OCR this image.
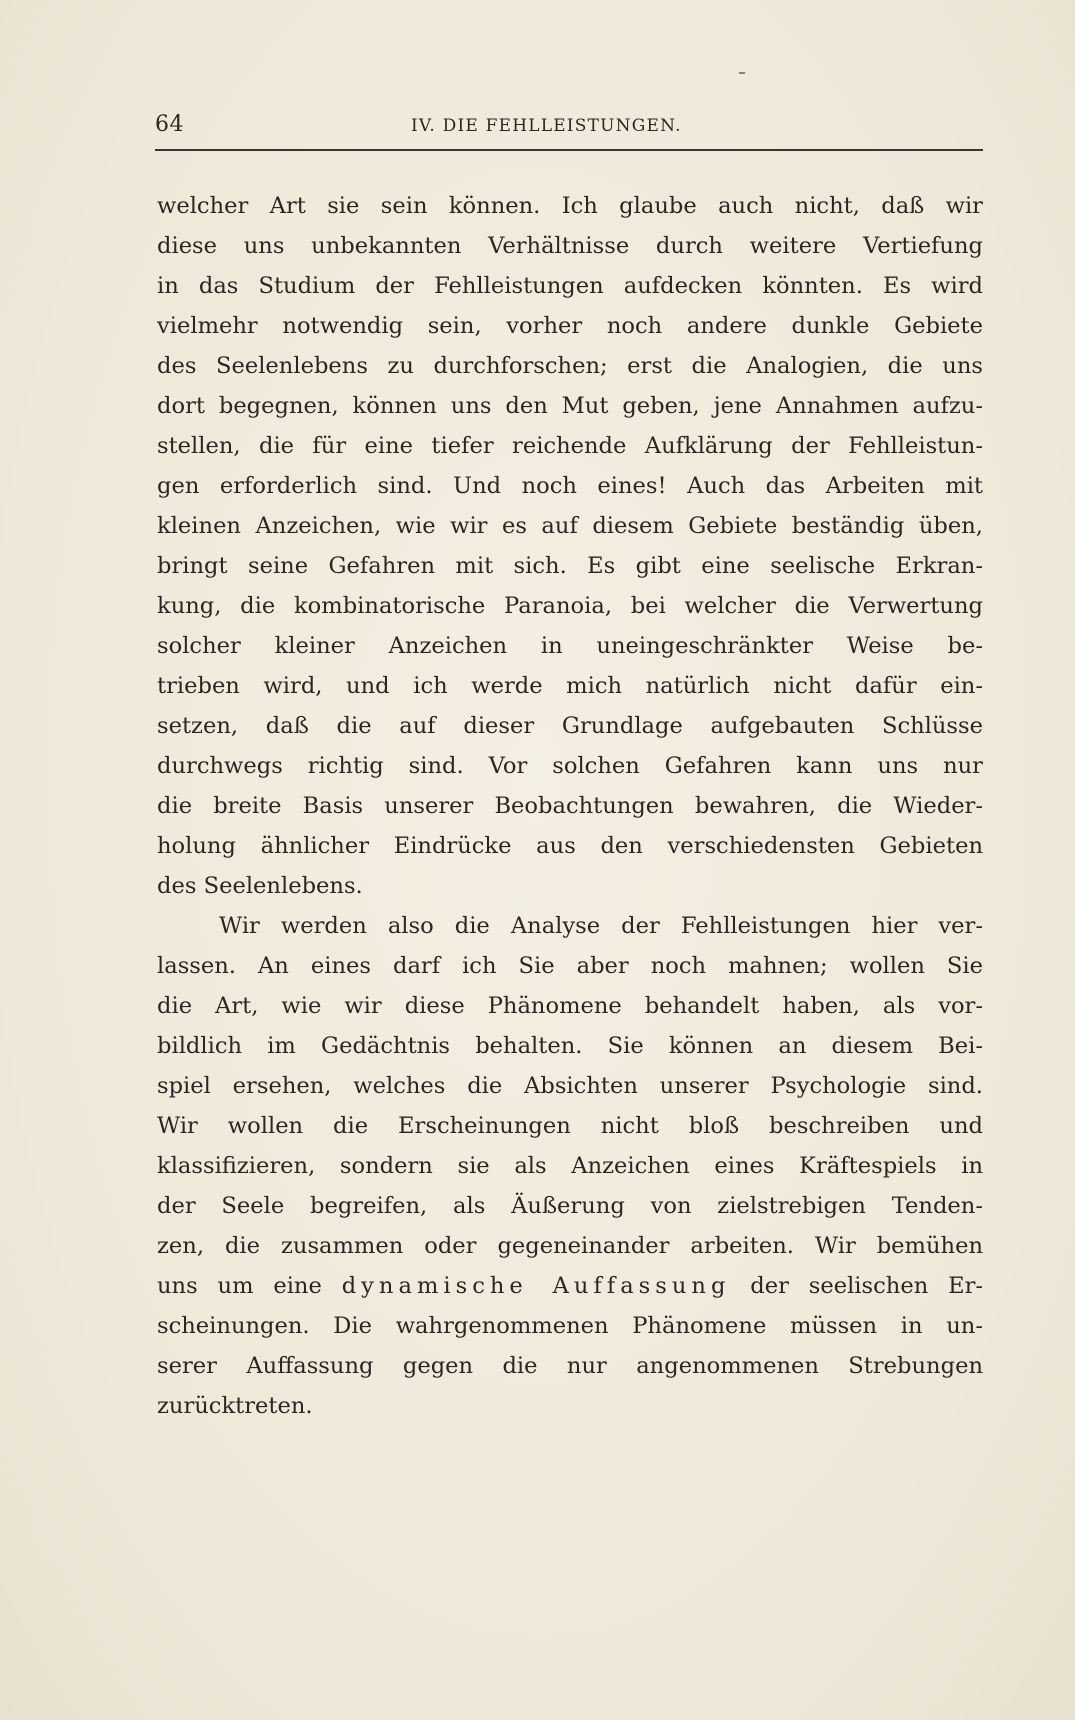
64	IV. DIE FEHLLEISTUNGEN.
welcher Art sie sein können. Ich glaube auch nicht, daß wir
diese uns unbekannten Verhältnisse durch weitere Vertiefung
in das Studium der Fehlleistungen aufdecken könnten. Es wird
vielmehr notwendig sein, vorher noch andere dunkle Gebiete
des Seelenlebens zu durchforschen; erst die Analogien, die uns
dort begegnen, können uns den Mut geben, jene Annahmen aufzu-
stellen, die für eine tiefer reichende Aufklärung der Fehlleistun-
gen erforderlich sind. Und noch eines! Auch das Arbeiten mit
kleinen Anzeichen, wie wir es auf diesem Gebiete beständig üben,
bringt seine Gefahren mit sich. Es gibt eine seelische Erkran-
kung, die kombinatorische Paranoia, bei welcher die Verwertung
solcher kleiner Anzeichen in uneingeschränkter Weise be-
trieben wird, und ich werde mich natürlich nicht dafür ein-
setzen, daß die auf dieser Grundlage aufgebauten Schlüsse
durchwegs richtig sind. Vor solchen Gefahren kann uns nur
die breite Basis unserer Beobachtungen bewahren, die Wieder-
holung ähnlicher Eindrücke aus den verschiedensten Gebieten
des Seelenlebens.
Wir werden also die Analyse der Fehlleistungen hier ver-
lassen. An eines darf ich Sie aber noch mahnen; wollen Sie
die Art, wie wir diese Phänomene behandelt haben, als vor-
bildlich im Gedächtnis behalten. Sie können an diesem Bei-
spiel ersehen, welches die Absichten unserer Psychologie sind.
Wir wollen die Erscheinungen nicht bloß beschreiben und
klassifizieren, sondern sie als Anzeichen eines Kräftespiels in
der Seele begreifen, als Äußerung von zielstrebigen Tenden-
zen, die zusammen oder gegeneinander arbeiten. Wir bemühen
uns um eine dynamische Auffassung der seelischen Er-
scheinungen. Die wahrgenommenen Phänomene müssen in un-
serer Auffassung gegen die nur angenommenen Strebungen
zurücktreten.
